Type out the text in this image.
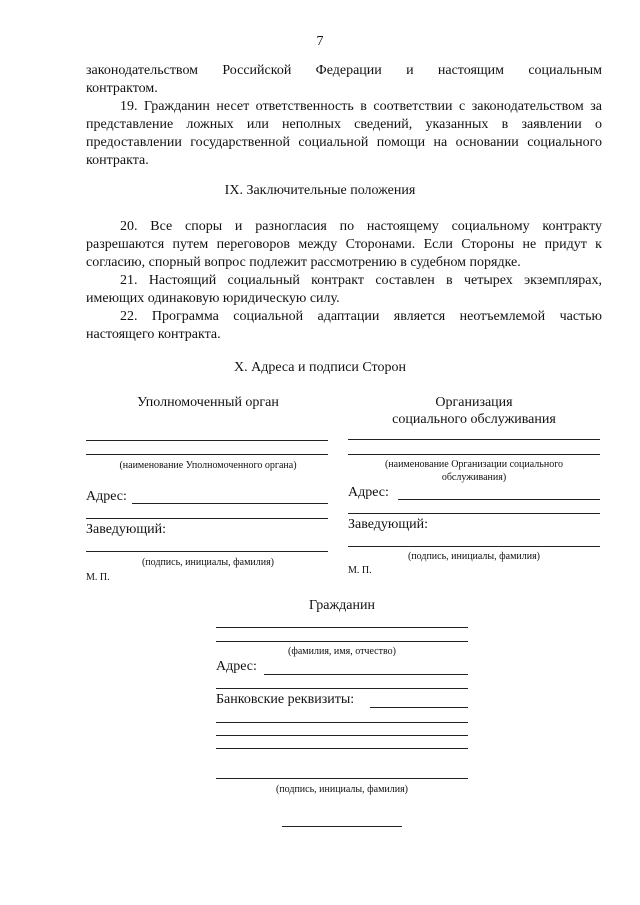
7
законодательством Российской Федерации и настоящим социальным

контрактом.

19. Гражданин несет ответственность в соответствии с законодательством за представление ложных или неполных сведений, указанных в заявлении о предоставлении государственной социальной помощи на основании социального контракта.

IX. Заключительные положения

20. Все споры и разногласия по настоящему социальному контракту разрешаются путем переговоров между Сторонами. Если Стороны не придут к согласию, спорный вопрос подлежит рассмотрению в судебном порядке.

21. Настоящий социальный контракт составлен в четырех экземплярах, имеющих одинаковую юридическую силу.

22. Программа социальной адаптации является неотъемлемой частью настоящего контракта.

X. Адреса и подписи Сторон
Уполномоченный орган
(наименование Уполномоченного органа)
Адрес:
Заведующий:
(подпись, инициалы, фамилия)
М. П.
Организация
социального обслуживания
(наименование Организации социального
обслуживания)
Адрес:
Заведующий:
(подпись, инициалы, фамилия)
М. П.
Гражданин
(фамилия, имя, отчество)
Адрес:
Банковские реквизиты:
(подпись, инициалы, фамилия)
